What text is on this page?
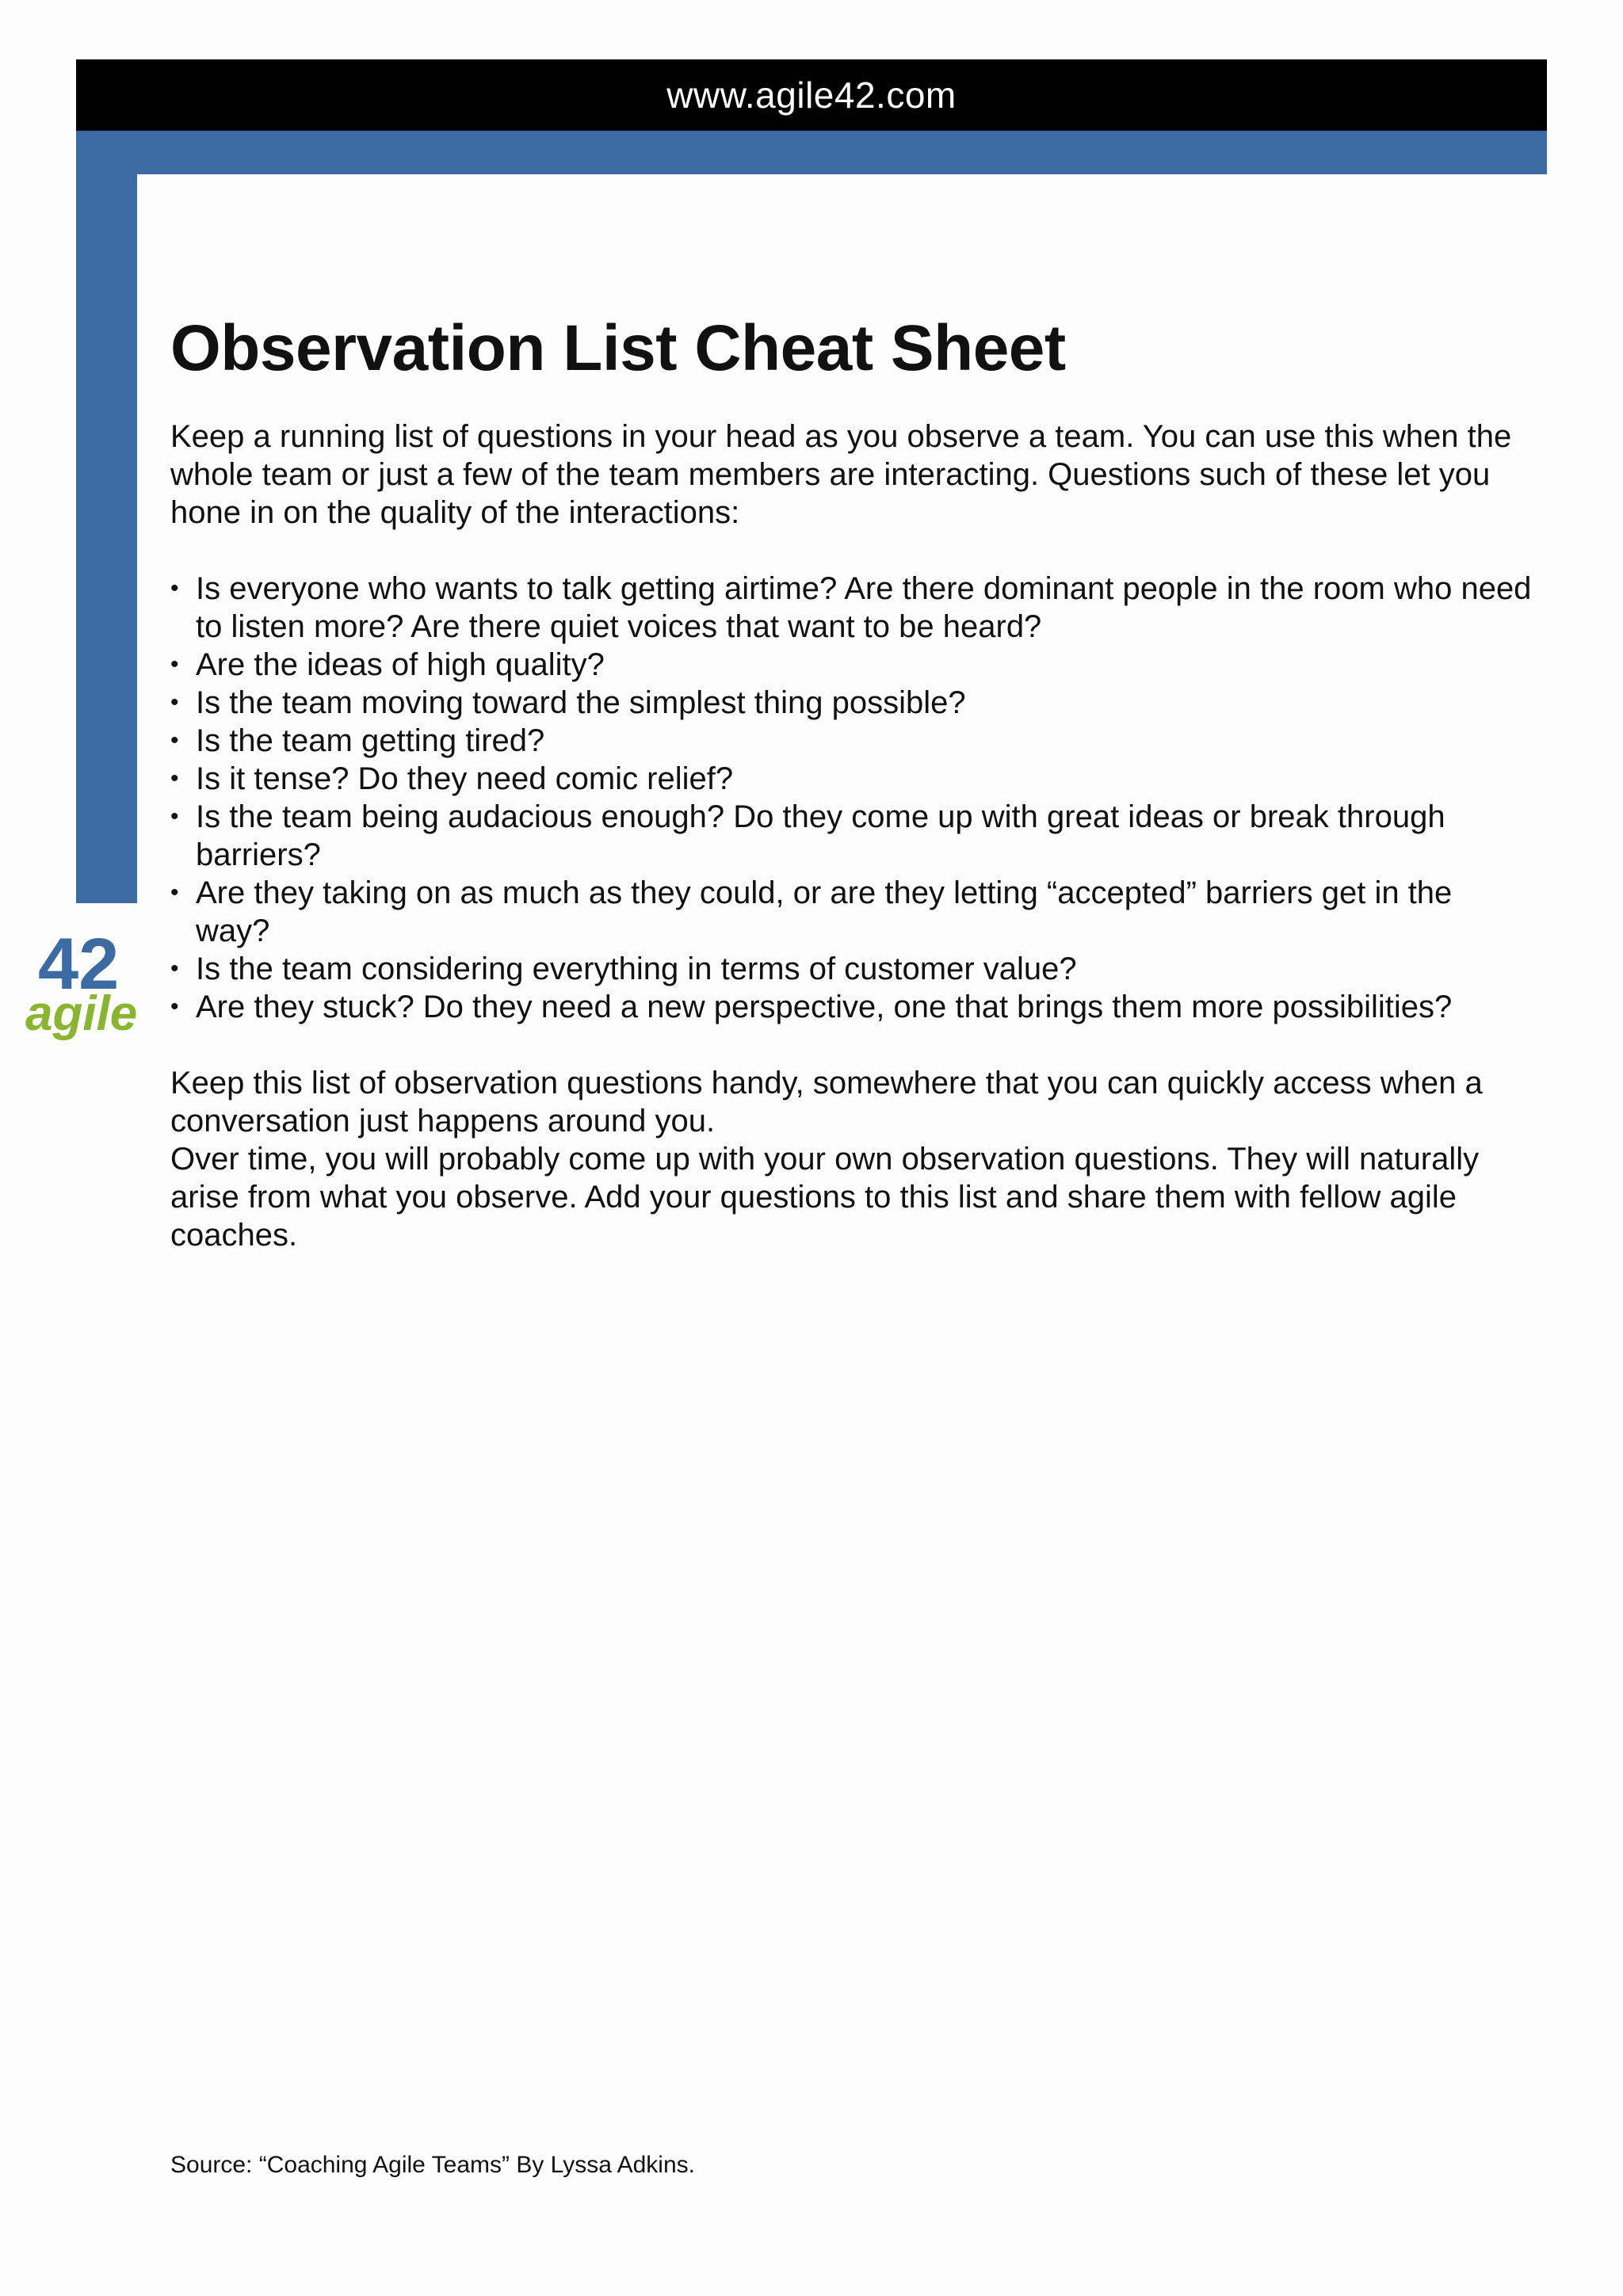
www.agile42.com
42
agile
Observation List Cheat Sheet

Keep a running list of questions in your head as you observe a team. You can use this when the whole team or just a few of the team members are interacting. Questions such of these let you hone in on the quality of the interactions:

• Is everyone who wants to talk getting airtime? Are there dominant people in the room who need to listen more? Are there quiet voices that want to be heard?
• Are the ideas of high quality?
• Is the team moving toward the simplest thing possible?
• Is the team getting tired?
• Is it tense? Do they need comic relief?
• Is the team being audacious enough? Do they come up with great ideas or break through barriers?
• Are they taking on as much as they could, or are they letting “accepted” barriers get in the way?
• Is the team considering everything in terms of customer value?
• Are they stuck? Do they need a new perspective, one that brings them more possibilities?

Keep this list of observation questions handy, somewhere that you can quickly access when a conversation just happens around you.

Over time, you will probably come up with your own observation questions. They will naturally arise from what you observe. Add your questions to this list and share them with fellow agile coaches.

Source: “Coaching Agile Teams” By Lyssa Adkins.
